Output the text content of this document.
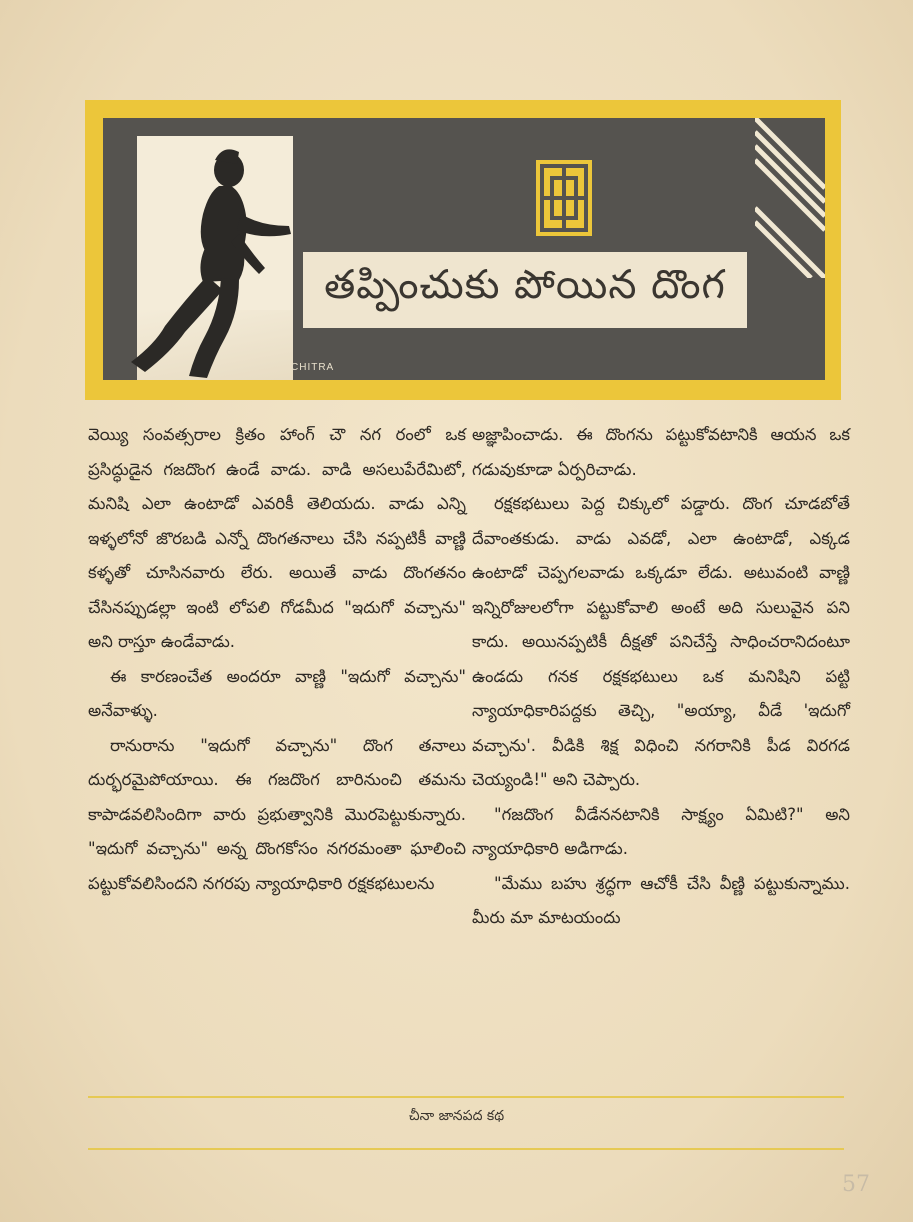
CHITRA
తప్పించుకు పోయిన దొంగ

వెయ్యి సంవత్సరాల క్రితం హాంగ్ చౌ నగ రంలో ఒక ప్రసిద్ధుడైన గజదొంగ ఉండే వాడు. వాడి అసలుపేరేమిటో, మనిషి ఎలా ఉంటాడో ఎవరికీ తెలియదు. వాడు ఎన్ని ఇళ్ళలోనో జొరబడి ఎన్నో దొంగతనాలు చేసి నప్పటికీ వాణ్ణి కళ్ళతో చూసినవారు లేరు. అయితే వాడు దొంగతనం చేసినప్పుడల్లా ఇంటి లోపలి గోడమీద "ఇదుగో వచ్చాను" అని రాస్తూ ఉండేవాడు.

ఈ కారణంచేత అందరూ వాణ్ణి "ఇదుగో వచ్చాను" అనేవాళ్ళు.

రానురాను "ఇదుగో వచ్చాను" దొంగ తనాలు దుర్భరమైపోయాయి. ఈ గజదొంగ బారినుంచి తమను కాపాడవలిసిందిగా వారు ప్రభుత్వానికి మొరపెట్టుకున్నారు. "ఇదుగో వచ్చాను" అన్న దొంగకోసం నగరమంతా ఘాలించి పట్టుకోవలిసిందని నగరపు న్యాయాధికారి రక్షకభటులను

అజ్ఞాపించాడు. ఈ దొంగను పట్టుకోవటానికి ఆయన ఒక గడువుకూడా ఏర్పరిచాడు.

రక్షకభటులు పెద్ద చిక్కులో పడ్డారు. దొంగ చూడబోతే దేవాంతకుడు. వాడు ఎవడో, ఎలా ఉంటాడో, ఎక్కడ ఉంటాడో చెప్పగలవాడు ఒక్కడూ లేడు. అటువంటి వాణ్ణి ఇన్నిరోజులలోగా పట్టుకోవాలి అంటే అది సులువైన పని కాదు. అయినప్పటికీ దీక్షతో పనిచేస్తే సాధించరానిదంటూ ఉండదు గనక రక్షకభటులు ఒక మనిషిని పట్టి న్యాయాధికారిపద్దకు తెచ్చి, "అయ్యా, వీడే 'ఇదుగో వచ్చాను'. వీడికి శిక్ష విధించి నగరానికి పీడ విరగడ చెయ్యండి!" అని చెప్పారు.

"గజదొంగ వీడేననటానికి సాక్ష్యం ఏమిటి?" అని న్యాయాధికారి అడిగాడు.

"మేము బహు శ్రద్ధగా ఆచోకీ చేసి వీణ్ణి పట్టుకున్నాము. మీరు మా మాటయందు

చీనా జానపద కథ
57
